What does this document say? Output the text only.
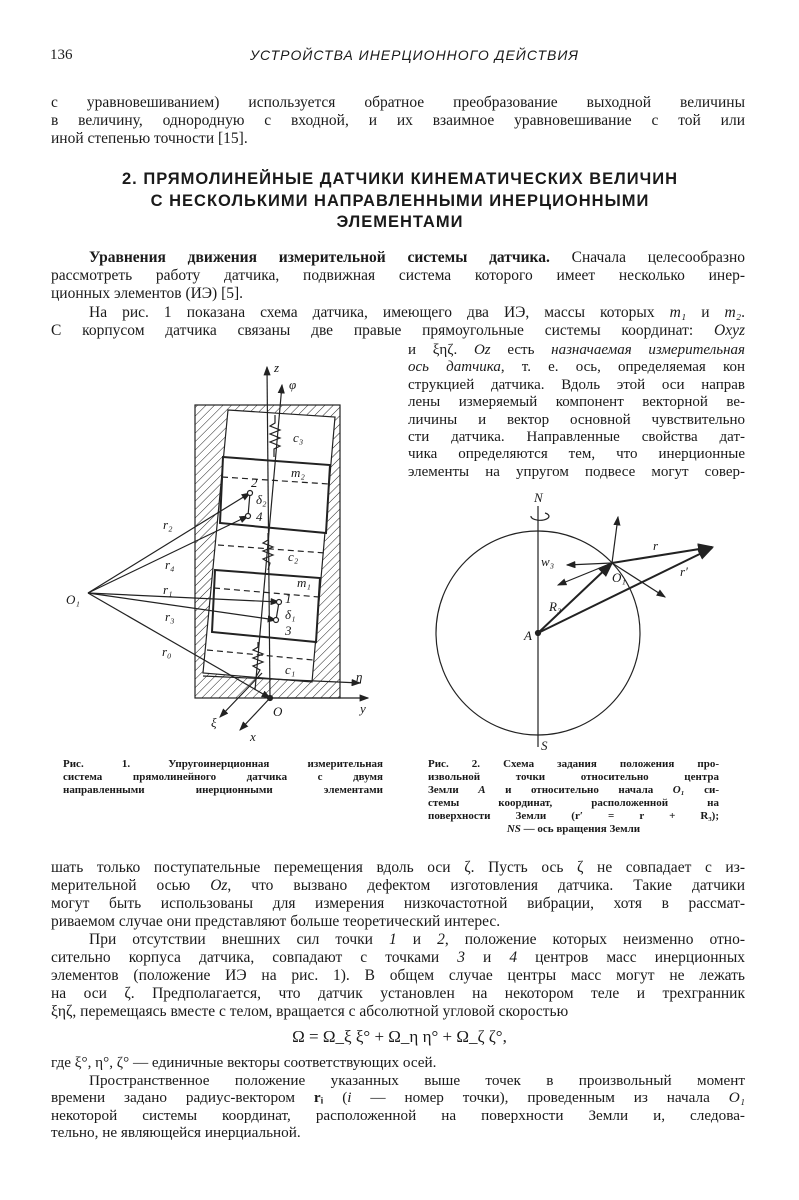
136	УСТРОЙСТВА ИНЕРЦИОННОГО ДЕЙСТВИЯ
с уравновешиванием) используется обратное преобразование выходной величины
в величину, однородную с входной, и их взаимное уравновешивание с той или
иной степенью точности [15].
2. ПРЯМОЛИНЕЙНЫЕ ДАТЧИКИ КИНЕМАТИЧЕСКИХ ВЕЛИЧИН
С НЕСКОЛЬКИМИ НАПРАВЛЕННЫМИ ИНЕРЦИОННЫМИ
ЭЛЕМЕНТАМИ
Уравнения движения измерительной системы датчика. Сначала целесообразно
рассмотреть работу датчика, подвижная система которого имеет несколько инер-
ционных элементов (ИЭ) [5].
На рис. 1 показана схема датчика, имеющего два ИЭ, массы которых m₁ и m₂.
С корпусом датчика связаны две правые прямоугольные системы координат: Oxyz
и ξηζ. Oz есть назначаемая измерительная
ось датчика, т. е. ось, определяемая кон
струкцией датчика. Вдоль этой оси направ
лены измеряемый компонент векторной ве-
личины и вектор основной чувствительно
сти датчика. Направленные свойства дат-
чика определяются тем, что инерционные
элементы на упругом подвесе могут совер-
Рис. 1. Упругоинерционная измерительная
система прямолинейного датчика с двумя
направленными инерционными элементами
Рис. 2. Схема задания положения про-
извольной точки относительно центра
Земли A и относительно начала O₁ си-
стемы координат, расположенной на
поверхности Земли (r′ = r + R₃);
NS — ось вращения Земли
шать только поступательные перемещения вдоль оси ζ. Пусть ось ζ не совпадает с из-
мерительной осью Oz, что вызвано дефектом изготовления датчика. Такие датчики
могут быть использованы для измерения низкочастотной вибрации, хотя в рассмат-
риваемом случае они представляют больше теоретический интерес.
При отсутствии внешних сил точки 1 и 2, положение которых неизменно отно-
сительно корпуса датчика, совпадают с точками 3 и 4 центров масс инерционных
элементов (положение ИЭ на рис. 1). В общем случае центры масс могут не лежать
на оси ζ. Предполагается, что датчик установлен на некотором теле и трехгранник
ξηζ, перемещаясь вместе с телом, вращается с абсолютной угловой скоростью
Ω = Ω_ξ ξ° + Ω_η η° + Ω_ζ ζ°,
где ξ°, η°, ζ° — единичные векторы соответствующих осей.
Пространственное положение указанных выше точек в произвольный момент
времени задано радиус-вектором rᵢ (i — номер точки), проведенным из начала O₁
некоторой системы координат, расположенной на поверхности Земли и, следова-
тельно, не являющейся инерциальной.
z
φ
c₃
m₂
2
δ₂
4
r₂
r₄
c₂
m₁
O₁
r₁
1
δ₁
3
r₃
r₀
c₁	η
y
O
ξ
x
N
w₃
r
r′
O₁
R₃
A
S
